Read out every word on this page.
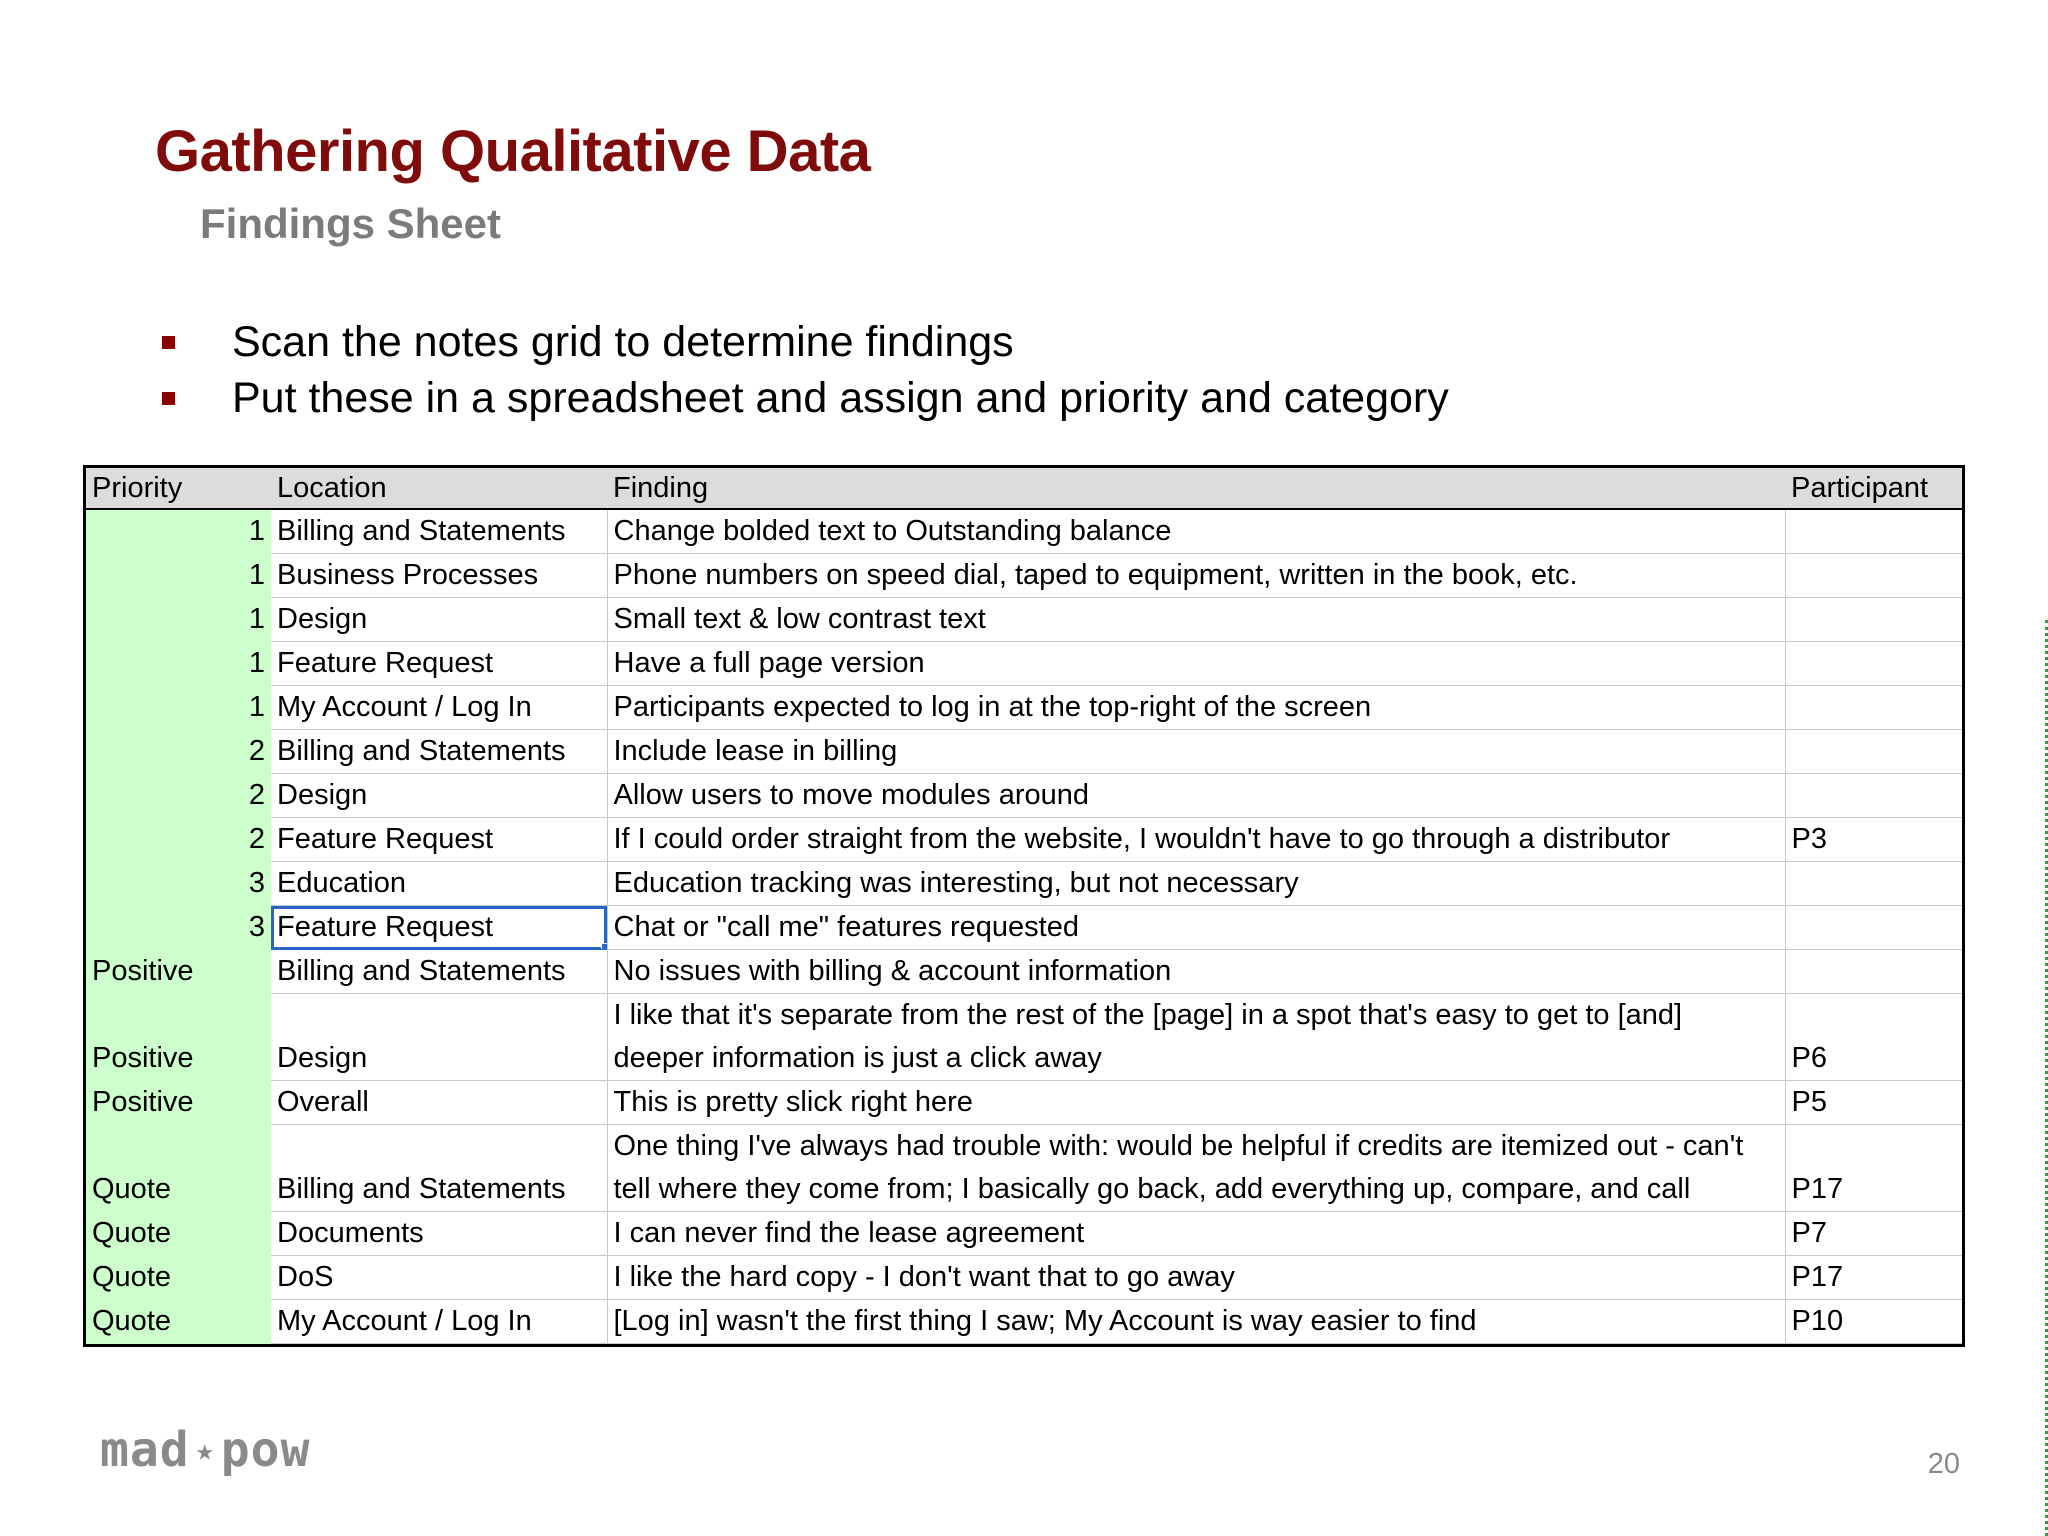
Gathering Qualitative Data
Findings Sheet
Scan the notes grid to determine findings
Put these in a spreadsheet and assign and priority and category
Priority	Location	Finding	Participant
1	Billing and Statements	Change bolded text to Outstanding balance	
1	Business Processes	Phone numbers on speed dial, taped to equipment, written in the book, etc.	
1	Design	Small text & low contrast text	
1	Feature Request	Have a full page version	
1	My Account / Log In	Participants expected to log in at the top-right of the screen	
2	Billing and Statements	Include lease in billing	
2	Design	Allow users to move modules around	
2	Feature Request	If I could order straight from the website, I wouldn't have to go through a distributor	P3
3	Education	Education tracking was interesting, but not necessary	
3	Feature Request	Chat or "call me" features requested	
Positive	Billing and Statements	No issues with billing & account information	
Positive	Design	I like that it's separate from the rest of the [page] in a spot that's easy to get to [and] deeper information is just a click away	P6
Positive	Overall	This is pretty slick right here	P5
Quote	Billing and Statements	One thing I've always had trouble with: would be helpful if credits are itemized out - can't tell where they come from; I basically go back, add everything up, compare, and call	P17
Quote	Documents	I can never find the lease agreement	P7
Quote	DoS	I like the hard copy - I don't want that to go away	P17
Quote	My Account / Log In	[Log in] wasn't the first thing I saw; My Account is way easier to find	P10
mad ★ pow	20
